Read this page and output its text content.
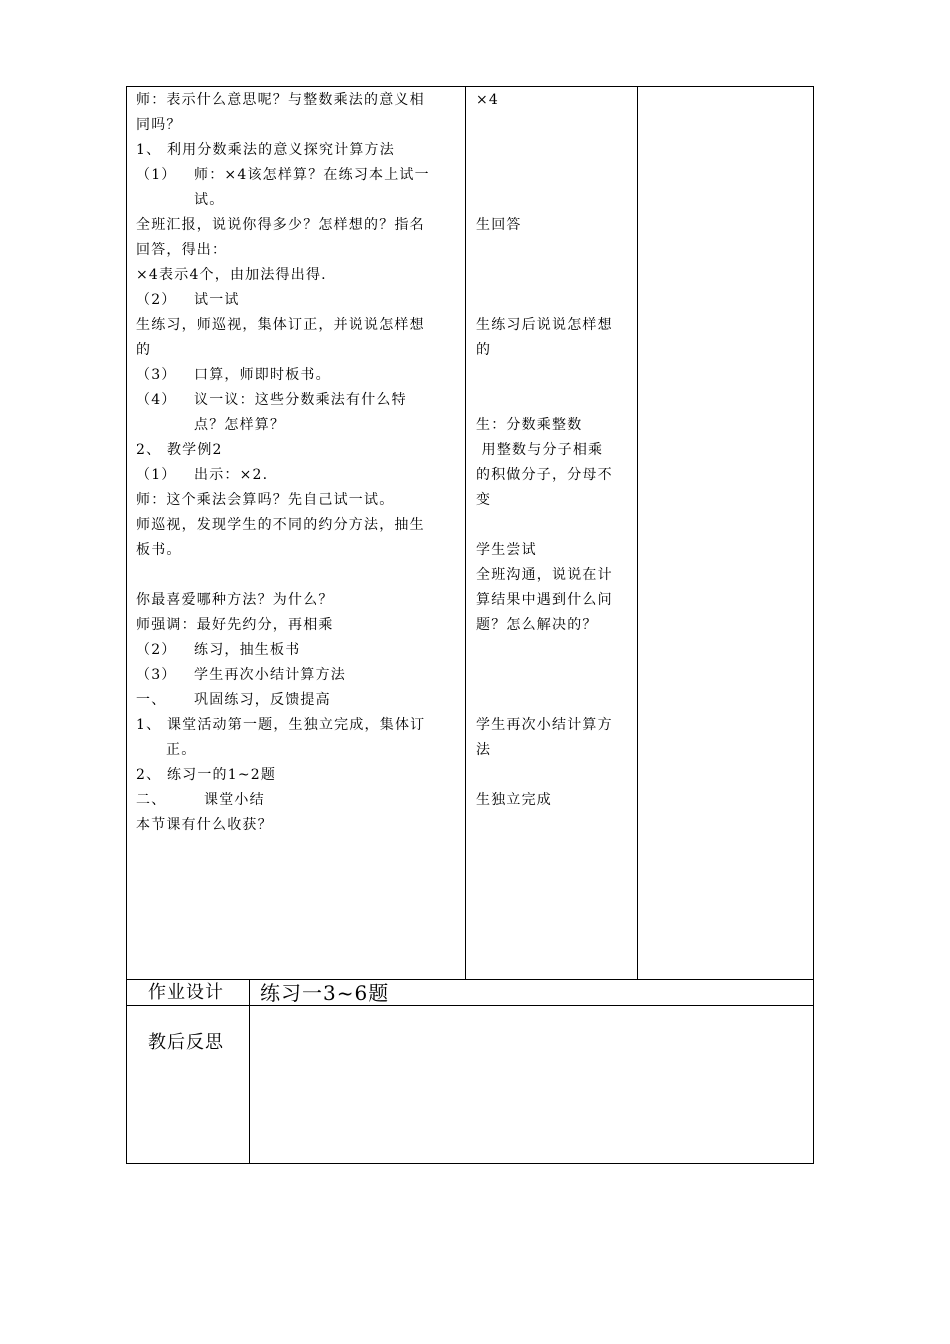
师：表示什么意思呢？与整数乘法的意义相
同吗？
1、 利用分数乘法的意义探究计算方法
（1） 师：×4该怎样算？在练习本上试一
试。
全班汇报，说说你得多少？怎样想的？指名
回答，得出：
×4表示4个，由加法得出得.
（2） 试一试
生练习，师巡视，集体订正，并说说怎样想
的
（3） 口算，师即时板书。
（4） 议一议：这些分数乘法有什么特
点？怎样算？
2、 教学例2
（1） 出示：×2.
师：这个乘法会算吗？先自己试一试。
师巡视，发现学生的不同的约分方法，抽生
板书。
你最喜爱哪种方法？为什么？
师强调：最好先约分，再相乘
（2） 练习，抽生板书
（3） 学生再次小结计算方法
一、 巩固练习，反馈提高
1、 课堂活动第一题，生独立完成，集体订
正。
2、 练习一的1~2题
二、	课堂小结
本节课有什么收获？
×4
生回答
生练习后说说怎样想
的
生：分数乘整数
用整数与分子相乘
的积做分子，分母不
变
学生尝试
全班沟通，说说在计
算结果中遇到什么问
题？怎么解决的？
学生再次小结计算方
法
生独立完成
作业设计 练习一3~6题
教后反思
